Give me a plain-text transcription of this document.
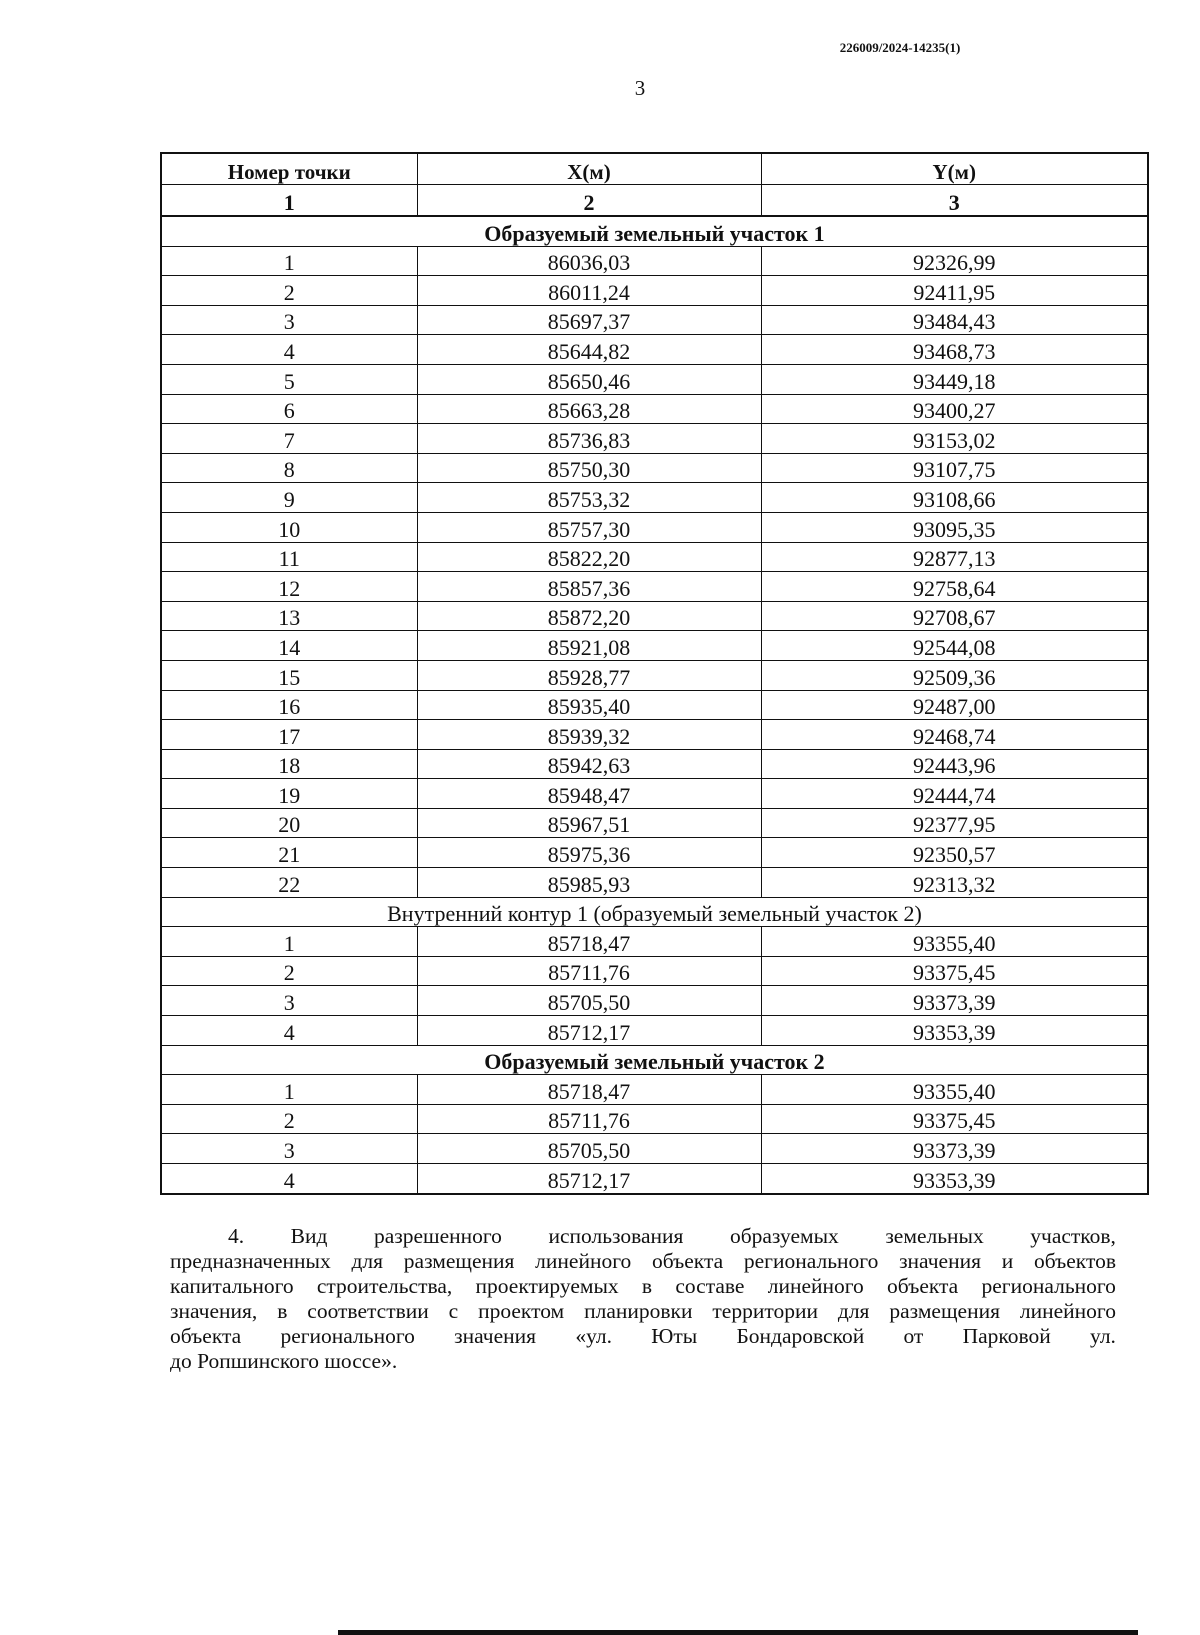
226009/2024-14235(1)
3
Номер точки	X(м)	Y(м)
1	2	3
Образуемый земельный участок 1		
1	86036,03	92326,99
2	86011,24	92411,95
3	85697,37	93484,43
4	85644,82	93468,73
5	85650,46	93449,18
6	85663,28	93400,27
7	85736,83	93153,02
8	85750,30	93107,75
9	85753,32	93108,66
10	85757,30	93095,35
11	85822,20	92877,13
12	85857,36	92758,64
13	85872,20	92708,67
14	85921,08	92544,08
15	85928,77	92509,36
16	85935,40	92487,00
17	85939,32	92468,74
18	85942,63	92443,96
19	85948,47	92444,74
20	85967,51	92377,95
21	85975,36	92350,57
22	85985,93	92313,32
Внутренний контур 1 (образуемый земельный участок 2)		
1	85718,47	93355,40
2	85711,76	93375,45
3	85705,50	93373,39
4	85712,17	93353,39
Образуемый земельный участок 2		
1	85718,47	93355,40
2	85711,76	93375,45
3	85705,50	93373,39
4	85712,17	93353,39
4. Вид разрешенного использования образуемых земельных участков,
предназначенных для размещения линейного объекта регионального значения и объектов
капитального строительства, проектируемых в составе линейного объекта регионального
значения, в соответствии с проектом планировки территории для размещения линейного
объекта регионального значения «ул. Юты Бондаровской от Парковой ул.
до Ропшинского шоссе».
